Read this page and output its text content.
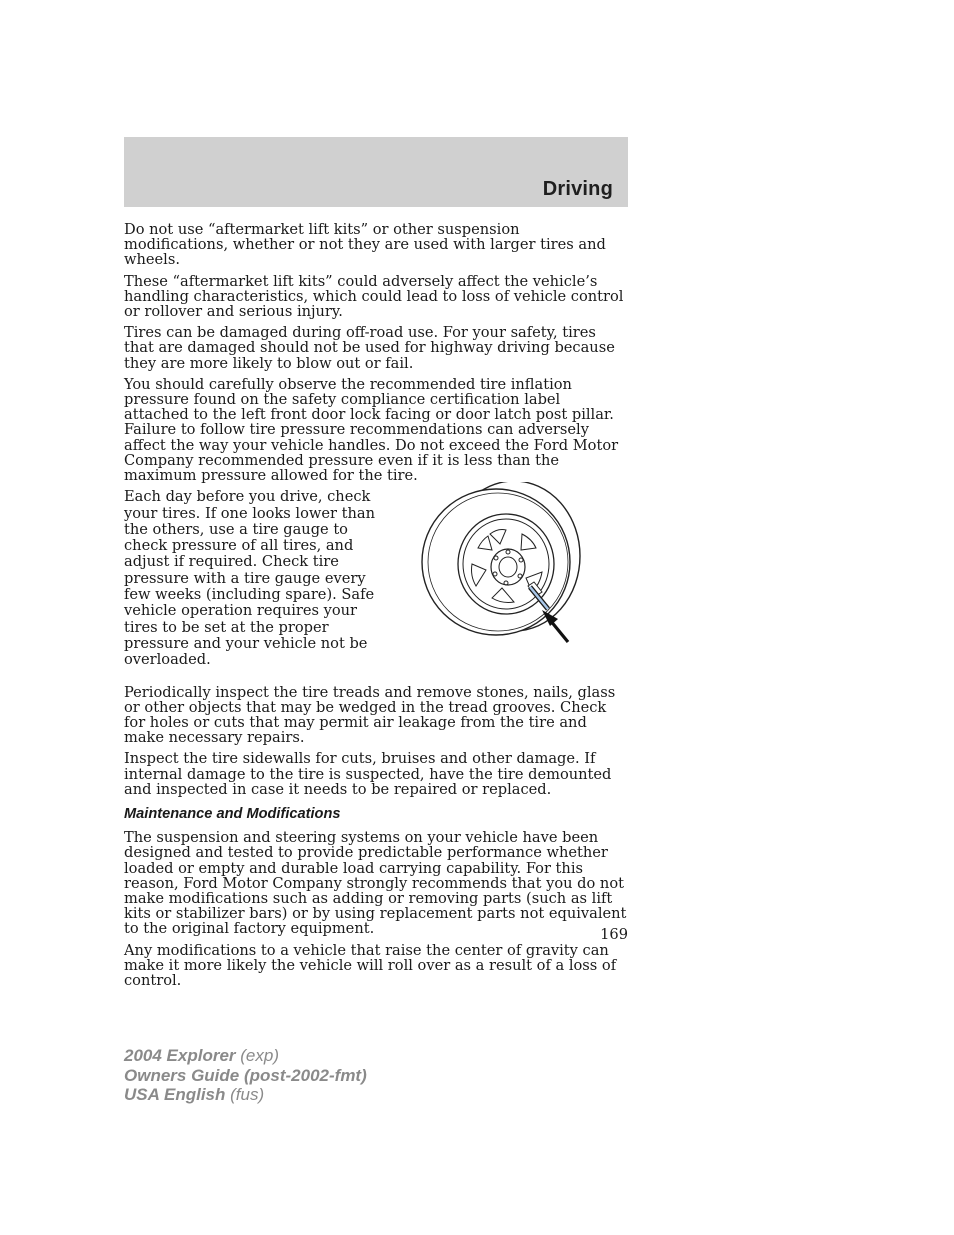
Driving

Do not use “aftermarket lift kits” or other suspension modifications, whether or not they are used with larger tires and wheels.

These “aftermarket lift kits” could adversely affect the vehicle’s handling characteristics, which could lead to loss of vehicle control or rollover and serious injury.

Tires can be damaged during off-road use. For your safety, tires that are damaged should not be used for highway driving because they are more likely to blow out or fail.

You should carefully observe the recommended tire inflation pressure found on the safety compliance certification label attached to the left front door lock facing or door latch post pillar. Failure to follow tire pressure recommendations can adversely affect the way your vehicle handles. Do not exceed the Ford Motor Company recommended pressure even if it is less than the maximum pressure allowed for the tire.

Each day before you drive, check your tires. If one looks lower than the others, use a tire gauge to check pressure of all tires, and adjust if required. Check tire pressure with a tire gauge every few weeks (including spare). Safe vehicle operation requires your tires to be set at the proper pressure and your vehicle not be overloaded.

Periodically inspect the tire treads and remove stones, nails, glass or other objects that may be wedged in the tread grooves. Check for holes or cuts that may permit air leakage from the tire and make necessary repairs.

Inspect the tire sidewalls for cuts, bruises and other damage. If internal damage to the tire is suspected, have the tire demounted and inspected in case it needs to be repaired or replaced.

Maintenance and Modifications

The suspension and steering systems on your vehicle have been designed and tested to provide predictable performance whether loaded or empty and durable load carrying capability. For this reason, Ford Motor Company strongly recommends that you do not make modifications such as adding or removing parts (such as lift kits or stabilizer bars) or by using replacement parts not equivalent to the original factory equipment.

Any modifications to a vehicle that raise the center of gravity can make it more likely the vehicle will roll over as a result of a loss of control.

169
2004 Explorer (exp)
Owners Guide (post-2002-fmt)
USA English (fus)
